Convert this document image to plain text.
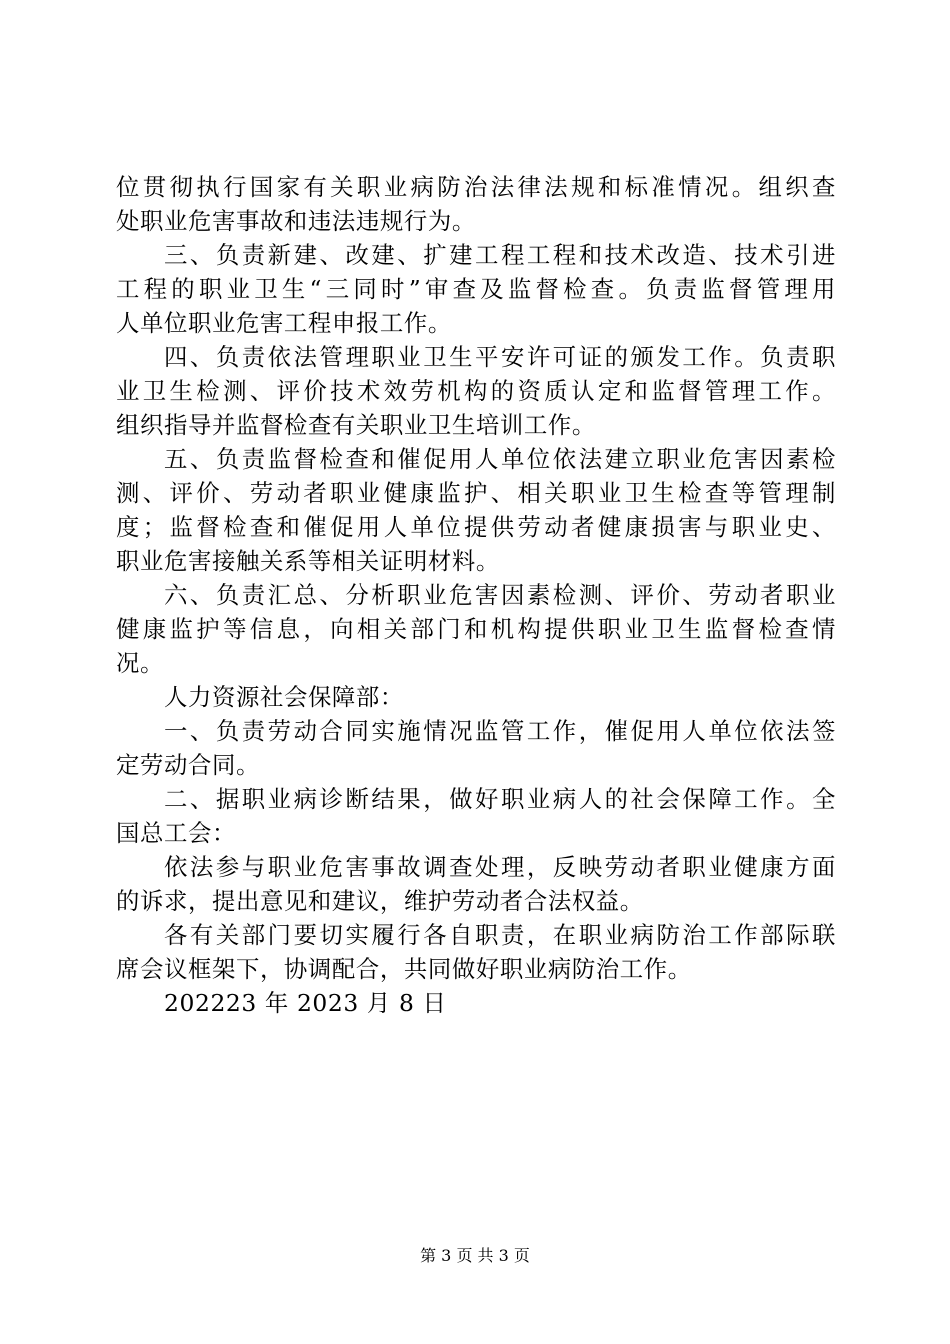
位贯彻执行国家有关职业病防治法律法规和标准情况。组织查
处职业危害事故和违法违规行为。
三、负责新建、改建、扩建工程工程和技术改造、技术引进
工程的职业卫生“三同时”审查及监督检查。负责监督管理用
人单位职业危害工程申报工作。
四、负责依法管理职业卫生平安许可证的颁发工作。负责职
业卫生检测、评价技术效劳机构的资质认定和监督管理工作。
组织指导并监督检查有关职业卫生培训工作。
五、负责监督检查和催促用人单位依法建立职业危害因素检
测、评价、劳动者职业健康监护、相关职业卫生检查等管理制
度；监督检查和催促用人单位提供劳动者健康损害与职业史、
职业危害接触关系等相关证明材料。
六、负责汇总、分析职业危害因素检测、评价、劳动者职业
健康监护等信息，向相关部门和机构提供职业卫生监督检查情
况。
人力资源社会保障部：
一、负责劳动合同实施情况监管工作，催促用人单位依法签
定劳动合同。
二、据职业病诊断结果，做好职业病人的社会保障工作。全
国总工会：
依法参与职业危害事故调查处理，反映劳动者职业健康方面
的诉求，提出意见和建议，维护劳动者合法权益。
各有关部门要切实履行各自职责，在职业病防治工作部际联
席会议框架下，协调配合，共同做好职业病防治工作。
202223 年 2023 月 8 日
第 3 页 共 3 页
